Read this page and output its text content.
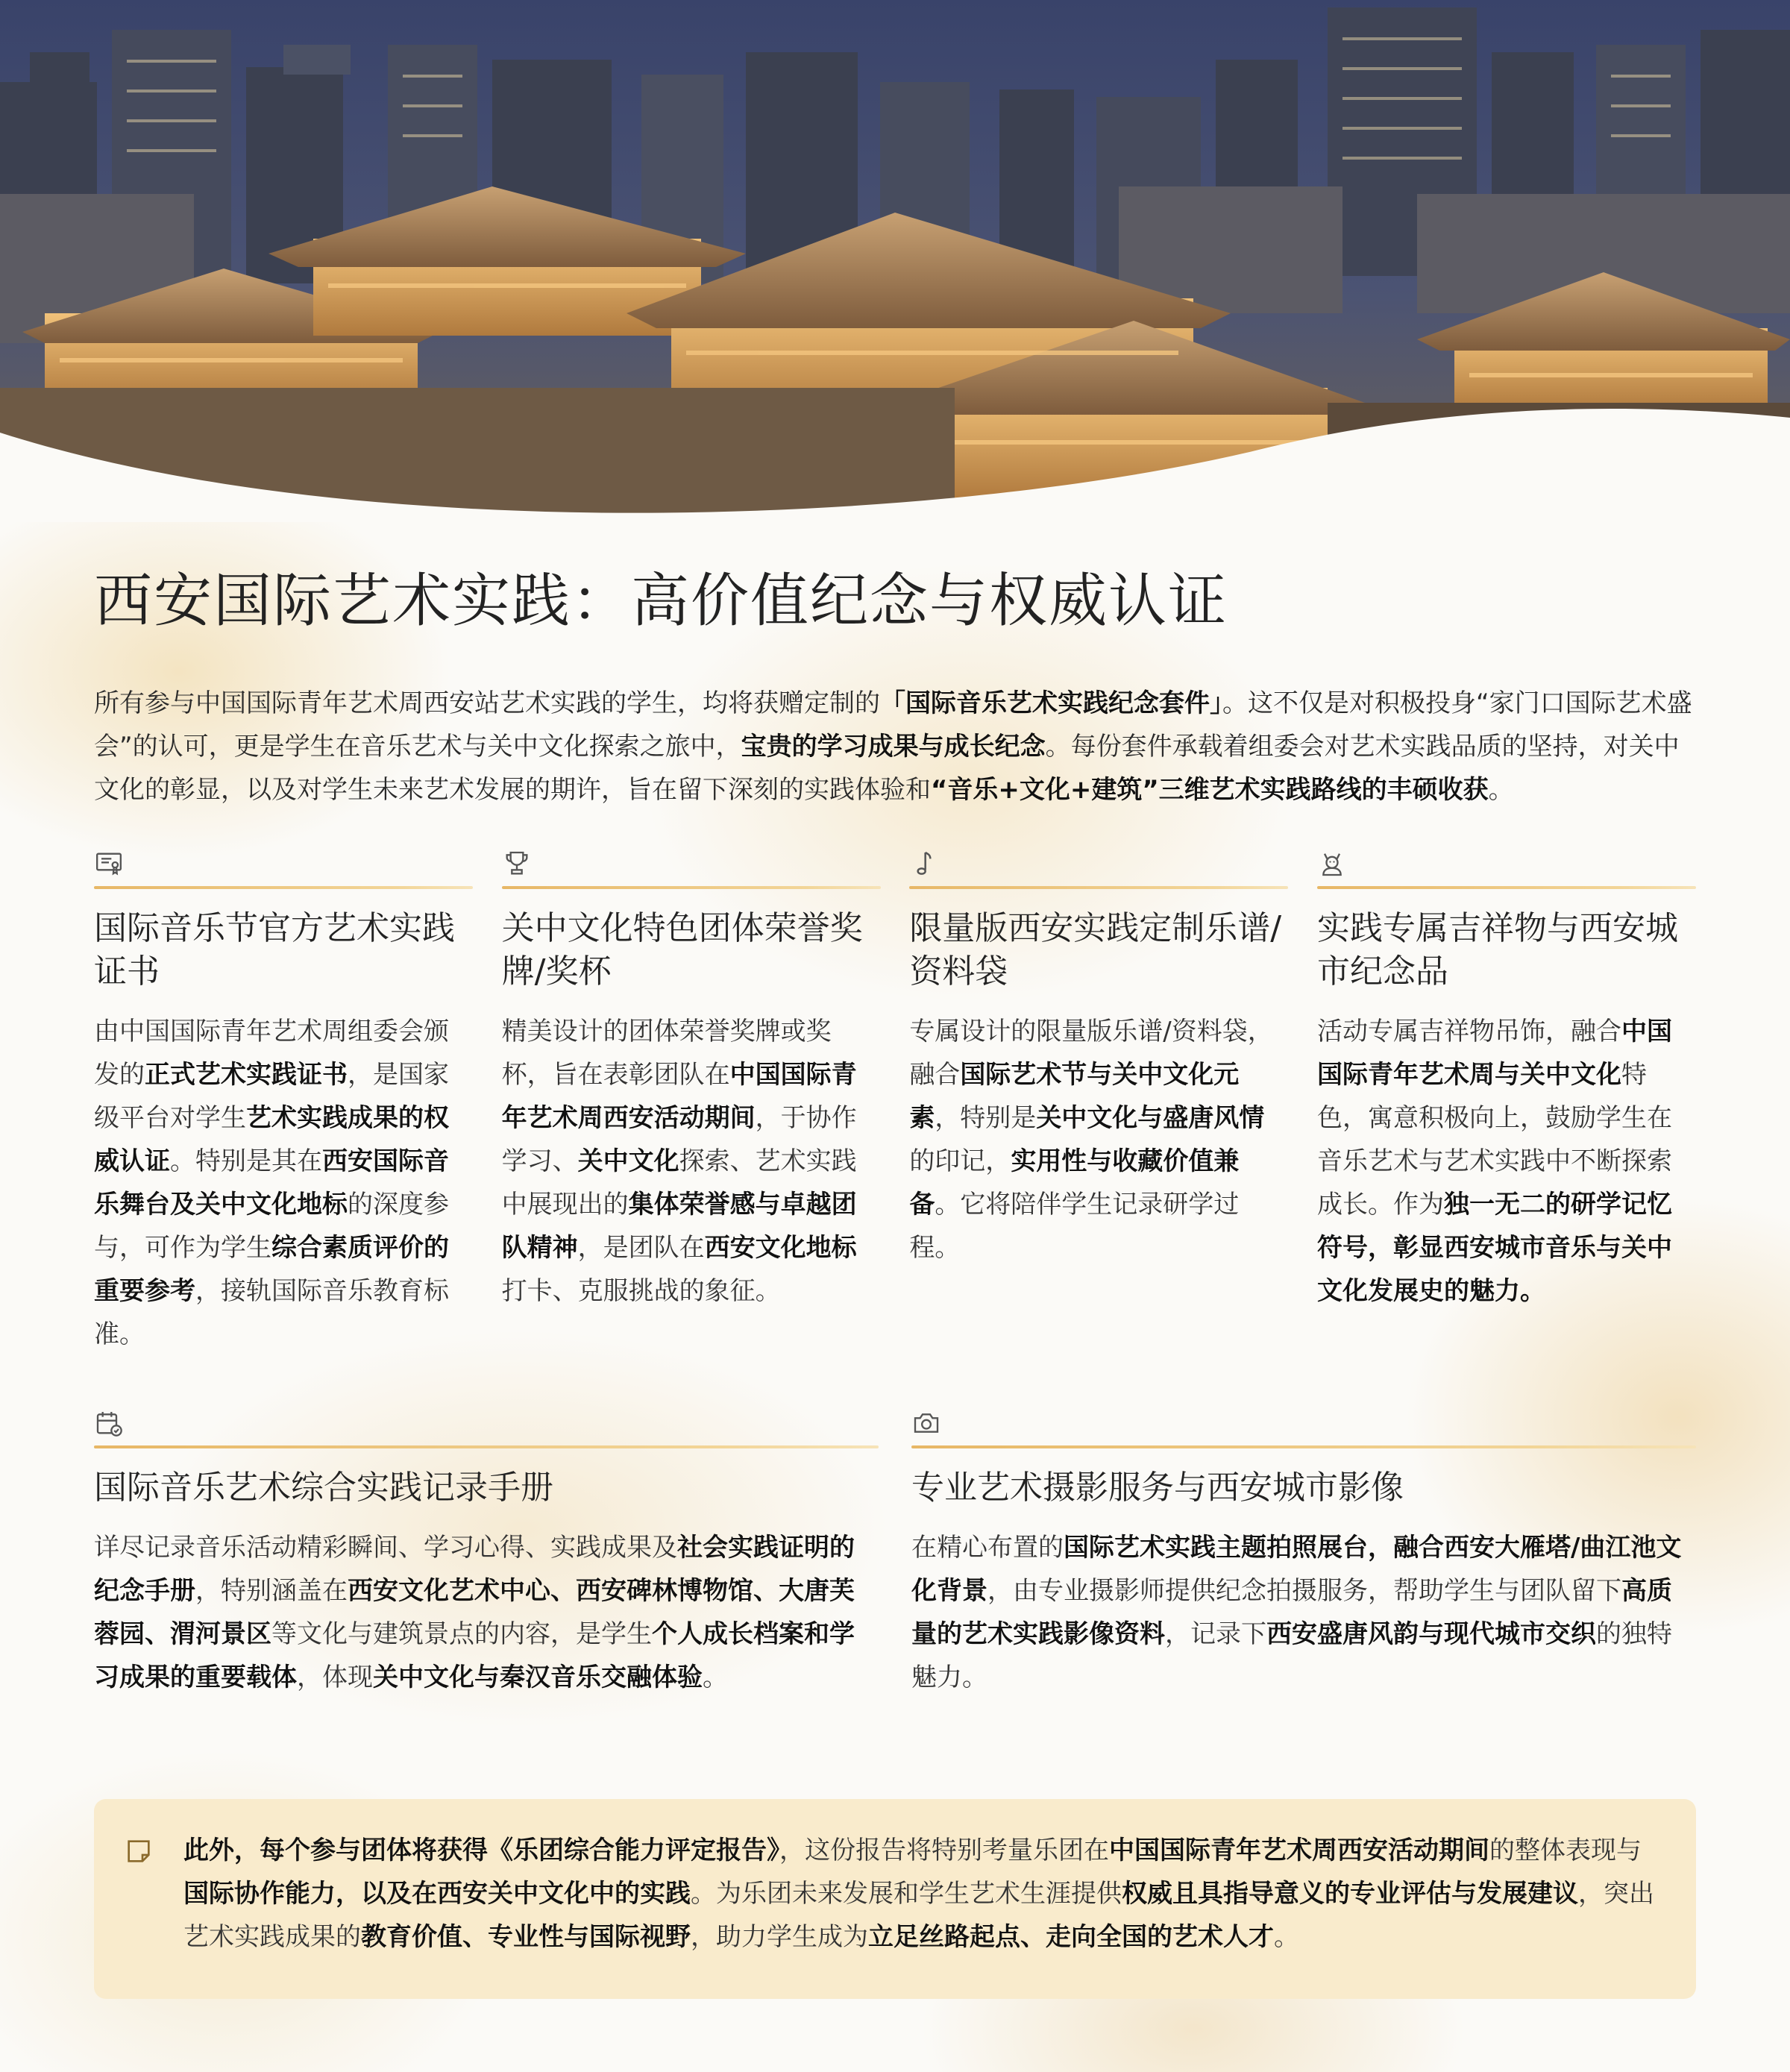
西安国际艺术实践：高价值纪念与权威认证

所有参与中国国际青年艺术周西安站艺术实践的学生，均将获赠定制的「国际音乐艺术实践纪念套件」。这不仅是对积极投身“家门口国际艺术盛会”的认可，更是学生在音乐艺术与关中文化探索之旅中，宝贵的学习成果与成长纪念。每份套件承载着组委会对艺术实践品质的坚持，对关中文化的彰显，以及对学生未来艺术发展的期许，旨在留下深刻的实践体验和“音乐+文化+建筑”三维艺术实践路线的丰硕收获。

国际音乐节官方艺术实践证书

由中国国际青年艺术周组委会颁发的正式艺术实践证书，是国家级平台对学生艺术实践成果的权威认证。特别是其在西安国际音乐舞台及关中文化地标的深度参与，可作为学生综合素质评价的重要参考，接轨国际音乐教育标准。

关中文化特色团体荣誉奖牌/奖杯

精美设计的团体荣誉奖牌或奖杯，旨在表彰团队在中国国际青年艺术周西安活动期间，于协作学习、关中文化探索、艺术实践中展现出的集体荣誉感与卓越团队精神，是团队在西安文化地标打卡、克服挑战的象征。

限量版西安实践定制乐谱/资料袋

专属设计的限量版乐谱/资料袋，融合国际艺术节与关中文化元素，特别是关中文化与盛唐风情的印记，实用性与收藏价值兼备。它将陪伴学生记录研学过程。

实践专属吉祥物与西安城市纪念品

活动专属吉祥物吊饰，融合中国国际青年艺术周与关中文化特色，寓意积极向上，鼓励学生在音乐艺术与艺术实践中不断探索成长。作为独一无二的研学记忆符号，彰显西安城市音乐与关中文化发展史的魅力。

国际音乐艺术综合实践记录手册

详尽记录音乐活动精彩瞬间、学习心得、实践成果及社会实践证明的纪念手册，特别涵盖在西安文化艺术中心、西安碑林博物馆、大唐芙蓉园、渭河景区等文化与建筑景点的内容，是学生个人成长档案和学习成果的重要载体，体现关中文化与秦汉音乐交融体验。

专业艺术摄影服务与西安城市影像

在精心布置的国际艺术实践主题拍照展台，融合西安大雁塔/曲江池文化背景，由专业摄影师提供纪念拍摄服务，帮助学生与团队留下高质量的艺术实践影像资料，记录下西安盛唐风韵与现代城市交织的独特魅力。

此外，每个参与团体将获得《乐团综合能力评定报告》，这份报告将特别考量乐团在中国国际青年艺术周西安活动期间的整体表现与国际协作能力，以及在西安关中文化中的实践。为乐团未来发展和学生艺术生涯提供权威且具指导意义的专业评估与发展建议，突出艺术实践成果的教育价值、专业性与国际视野，助力学生成为立足丝路起点、走向全国的艺术人才。
